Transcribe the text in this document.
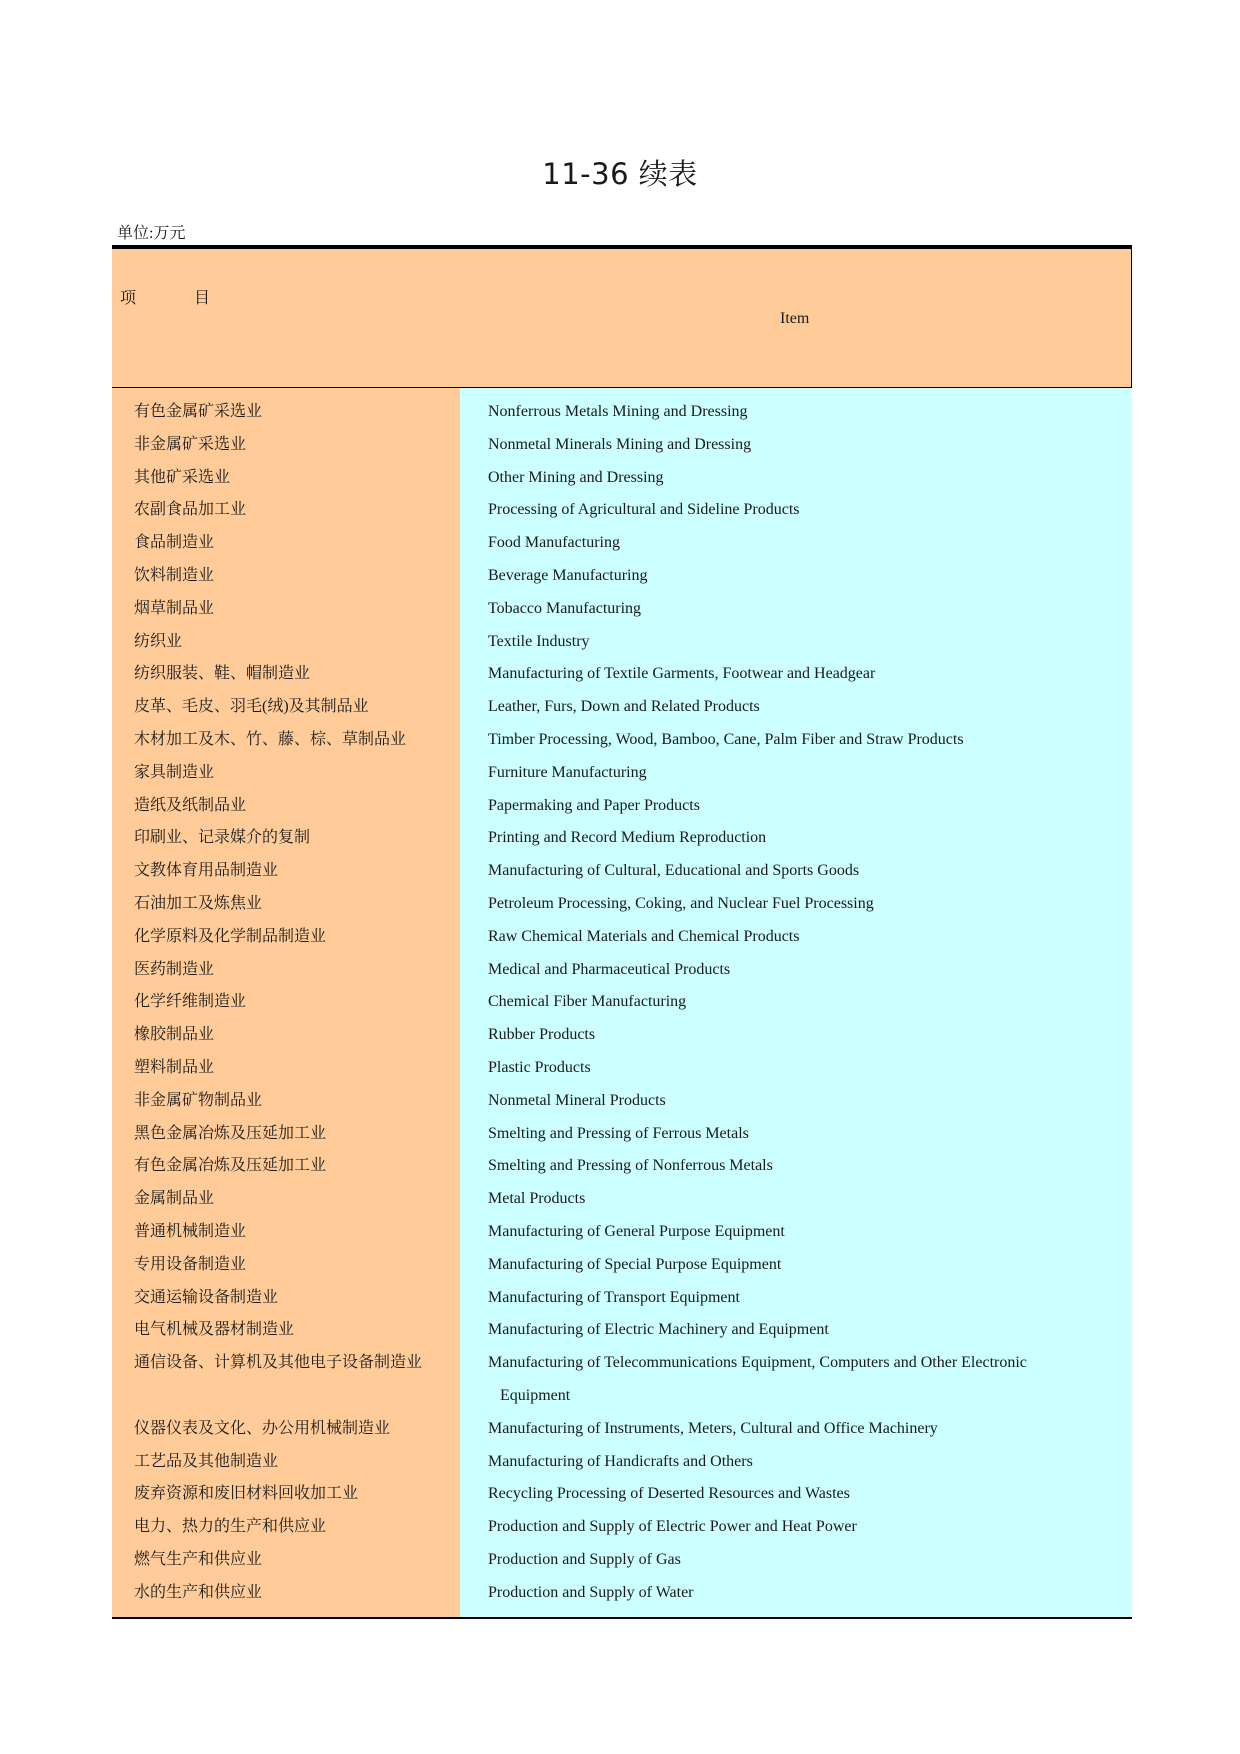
11-36 续表
单位:万元
项	目
Item
有色金属矿采选业
非金属矿采选业
其他矿采选业
农副食品加工业
食品制造业
饮料制造业
烟草制品业
纺织业
纺织服装、鞋、帽制造业
皮革、毛皮、羽毛(绒)及其制品业
木材加工及木、竹、藤、棕、草制品业
家具制造业
造纸及纸制品业
印刷业、记录媒介的复制
文教体育用品制造业
石油加工及炼焦业
化学原料及化学制品制造业
医药制造业
化学纤维制造业
橡胶制品业
塑料制品业
非金属矿物制品业
黑色金属冶炼及压延加工业
有色金属冶炼及压延加工业
金属制品业
普通机械制造业
专用设备制造业
交通运输设备制造业
电气机械及器材制造业
通信设备、计算机及其他电子设备制造业
仪器仪表及文化、办公用机械制造业
工艺品及其他制造业
废弃资源和废旧材料回收加工业
电力、热力的生产和供应业
燃气生产和供应业
水的生产和供应业
Nonferrous Metals Mining and Dressing
Nonmetal Minerals Mining and Dressing
Other Mining and Dressing
Processing of Agricultural and Sideline Products
Food Manufacturing
Beverage Manufacturing
Tobacco Manufacturing
Textile Industry
Manufacturing of Textile Garments, Footwear and Headgear
Leather, Furs, Down and Related Products
Timber Processing, Wood, Bamboo, Cane, Palm Fiber and Straw Products
Furniture Manufacturing
Papermaking and Paper Products
Printing and Record Medium Reproduction
Manufacturing of Cultural, Educational and Sports Goods
Petroleum Processing, Coking, and Nuclear Fuel Processing
Raw Chemical Materials and Chemical Products
Medical and Pharmaceutical Products
Chemical Fiber Manufacturing
Rubber Products
Plastic Products
Nonmetal Mineral Products
Smelting and Pressing of Ferrous Metals
Smelting and Pressing of Nonferrous Metals
Metal Products
Manufacturing of General Purpose Equipment
Manufacturing of Special Purpose Equipment
Manufacturing of Transport Equipment
Manufacturing of Electric Machinery and Equipment
Manufacturing of Telecommunications Equipment, Computers and Other Electronic
Equipment
Manufacturing of Instruments, Meters, Cultural and Office Machinery
Manufacturing of Handicrafts and Others
Recycling Processing of Deserted Resources and Wastes
Production and Supply of Electric Power and Heat Power
Production and Supply of Gas
Production and Supply of Water
